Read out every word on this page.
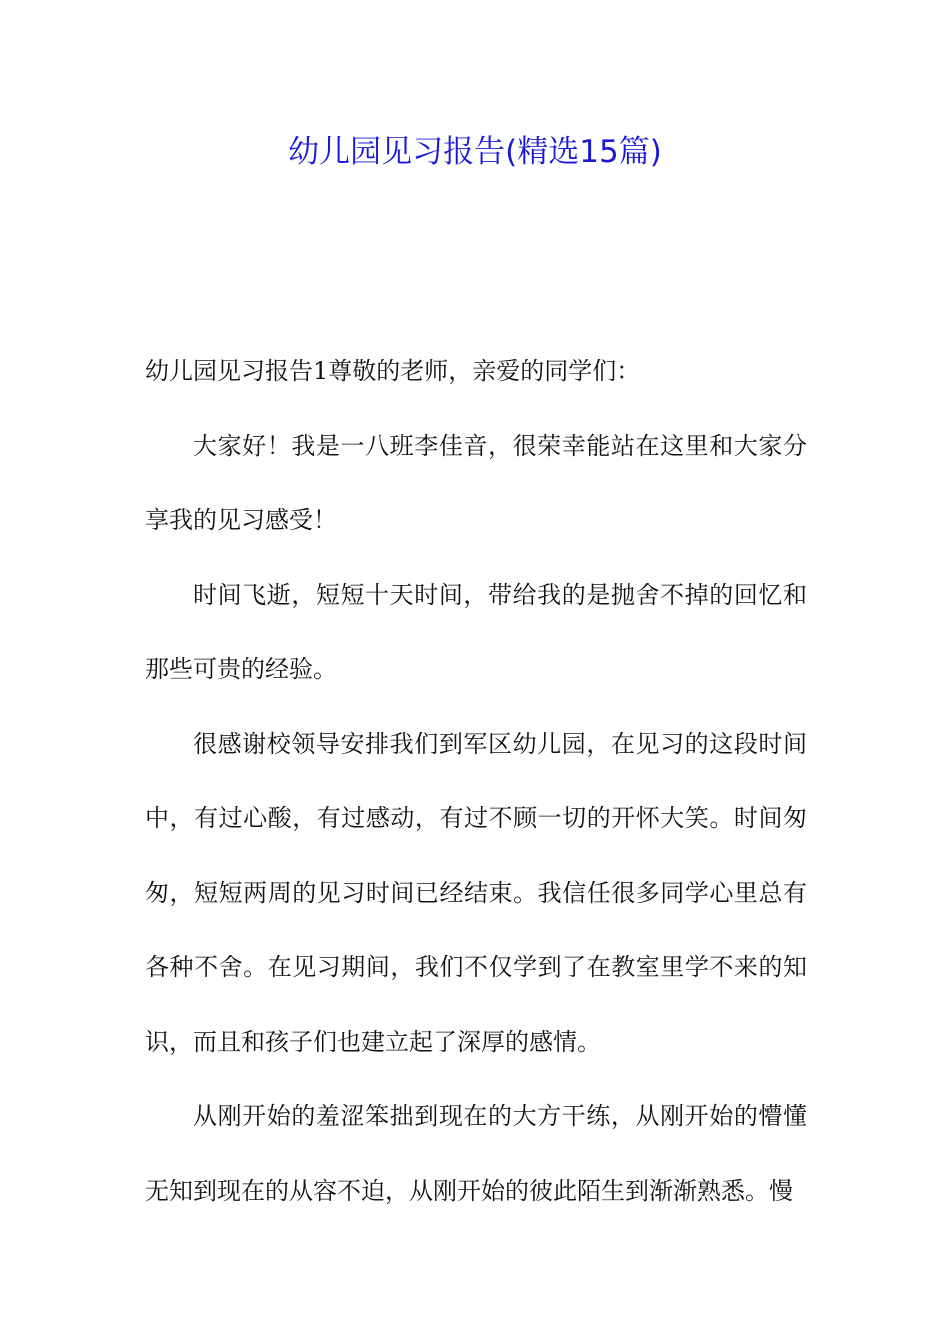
幼儿园见习报告(精选15篇)

幼儿园见习报告1尊敬的老师，亲爱的同学们：

大家好！我是一八班李佳音，很荣幸能站在这里和大家分享我的见习感受！

时间飞逝，短短十天时间，带给我的是抛舍不掉的回忆和那些可贵的经验。

很感谢校领导安排我们到军区幼儿园，在见习的这段时间中，有过心酸，有过感动，有过不顾一切的开怀大笑。时间匆匆，短短两周的见习时间已经结束。我信任很多同学心里总有各种不舍。在见习期间，我们不仅学到了在教室里学不来的知识，而且和孩子们也建立起了深厚的感情。

从刚开始的羞涩笨拙到现在的大方干练，从刚开始的懵懂无知到现在的从容不迫，从刚开始的彼此陌生到渐渐熟悉。慢
